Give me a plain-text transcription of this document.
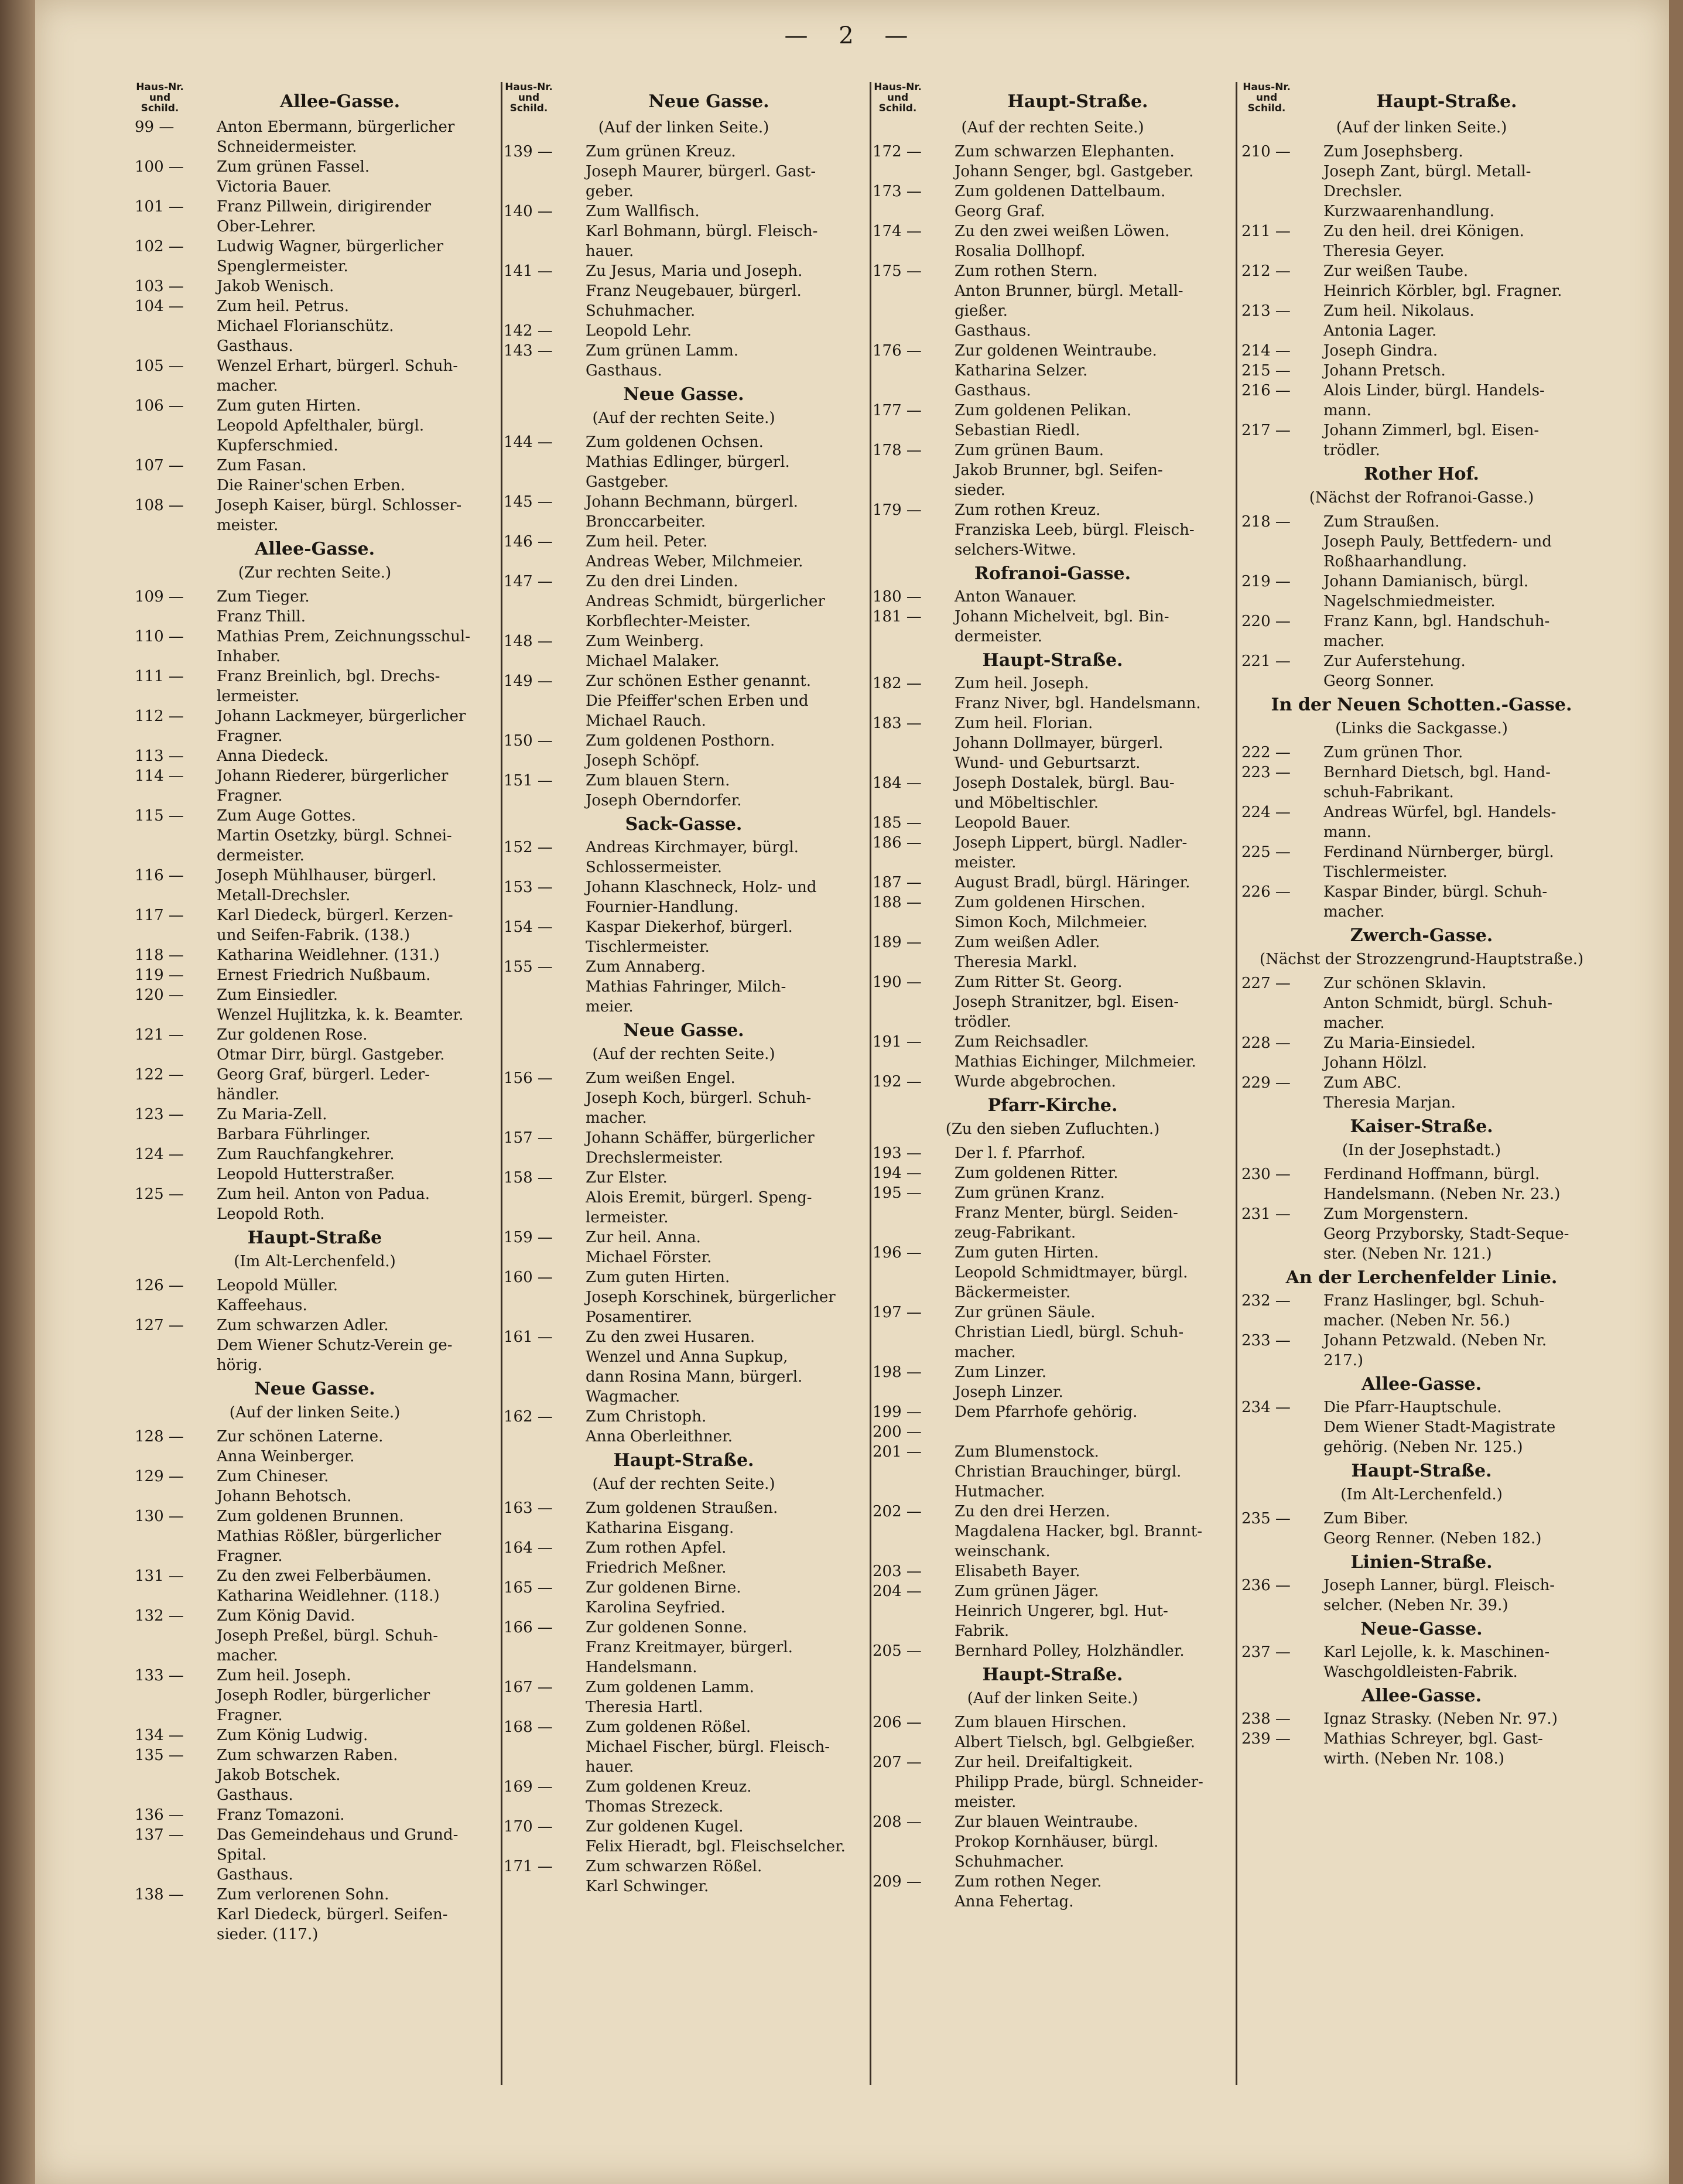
— 2 —
Haus-Nr.
und
Schild.	Allee-Gasse.
99 —	Anton Ebermann, bürgerlicher
Schneidermeister.
100 —	Zum grünen Fassel.
Victoria Bauer.
101 —	Franz Pillwein, dirigirender
Ober-Lehrer.
102 —	Ludwig Wagner, bürgerlicher
Spenglermeister.
103 —	Jakob Wenisch.
104 —	Zum heil. Petrus.
Michael Florianschütz.
Gasthaus.
105 —	Wenzel Erhart, bürgerl. Schuh-
macher.
106 —	Zum guten Hirten.
Leopold Apfelthaler, bürgl.
Kupferschmied.
107 —	Zum Fasan.
Die Rainer'schen Erben.
108 —	Joseph Kaiser, bürgl. Schlosser-
meister.
Allee-Gasse.
(Zur rechten Seite.)
109 —	Zum Tieger.
Franz Thill.
110 —	Mathias Prem, Zeichnungsschul-
Inhaber.
111 —	Franz Breinlich, bgl. Drechs-
lermeister.
112 —	Johann Lackmeyer, bürgerlicher
Fragner.
113 —	Anna Diedeck.
114 —	Johann Riederer, bürgerlicher
Fragner.
115 —	Zum Auge Gottes.
Martin Osetzky, bürgl. Schnei-
dermeister.
116 —	Joseph Mühlhauser, bürgerl.
Metall-Drechsler.
117 —	Karl Diedeck, bürgerl. Kerzen-
und Seifen-Fabrik. (138.)
118 —	Katharina Weidlehner. (131.)
119 —	Ernest Friedrich Nußbaum.
120 —	Zum Einsiedler.
Wenzel Hujlitzka, k. k. Beamter.
121 —	Zur goldenen Rose.
Otmar Dirr, bürgl. Gastgeber.
122 —	Georg Graf, bürgerl. Leder-
händler.
123 —	Zu Maria-Zell.
Barbara Führlinger.
124 —	Zum Rauchfangkehrer.
Leopold Hutterstraßer.
125 —	Zum heil. Anton von Padua.
Leopold Roth.
Haupt-Straße
(Im Alt-Lerchenfeld.)
126 —	Leopold Müller.
Kaffeehaus.
127 —	Zum schwarzen Adler.
Dem Wiener Schutz-Verein ge-
hörig.
Neue Gasse.
(Auf der linken Seite.)
128 —	Zur schönen Laterne.
Anna Weinberger.
129 —	Zum Chineser.
Johann Behotsch.
130 —	Zum goldenen Brunnen.
Mathias Rößler, bürgerlicher
Fragner.
131 —	Zu den zwei Felberbäumen.
Katharina Weidlehner. (118.)
132 —	Zum König David.
Joseph Preßel, bürgl. Schuh-
macher.
133 —	Zum heil. Joseph.
Joseph Rodler, bürgerlicher
Fragner.
134 —	Zum König Ludwig.
135 —	Zum schwarzen Raben.
Jakob Botschek.
Gasthaus.
136 —	Franz Tomazoni.
137 —	Das Gemeindehaus und Grund-
Spital.
Gasthaus.
138 —	Zum verlorenen Sohn.
Karl Diedeck, bürgerl. Seifen-
sieder. (117.)
Haus-Nr.
und
Schild.	Neue Gasse.
(Auf der linken Seite.)
139 —	Zum grünen Kreuz.
Joseph Maurer, bürgerl. Gast-
geber.
140 —	Zum Wallfisch.
Karl Bohmann, bürgl. Fleisch-
hauer.
141 —	Zu Jesus, Maria und Joseph.
Franz Neugebauer, bürgerl.
Schuhmacher.
142 —	Leopold Lehr.
143 —	Zum grünen Lamm.
Gasthaus.
Neue Gasse.
(Auf der rechten Seite.)
144 —	Zum goldenen Ochsen.
Mathias Edlinger, bürgerl.
Gastgeber.
145 —	Johann Bechmann, bürgerl.
Bronccarbeiter.
146 —	Zum heil. Peter.
Andreas Weber, Milchmeier.
147 —	Zu den drei Linden.
Andreas Schmidt, bürgerlicher
Korbflechter-Meister.
148 —	Zum Weinberg.
Michael Malaker.
149 —	Zur schönen Esther genannt.
Die Pfeiffer'schen Erben und
Michael Rauch.
150 —	Zum goldenen Posthorn.
Joseph Schöpf.
151 —	Zum blauen Stern.
Joseph Oberndorfer.
Sack-Gasse.
152 —	Andreas Kirchmayer, bürgl.
Schlossermeister.
153 —	Johann Klaschneck, Holz- und
Fournier-Handlung.
154 —	Kaspar Diekerhof, bürgerl.
Tischlermeister.
155 —	Zum Annaberg.
Mathias Fahringer, Milch-
meier.
Neue Gasse.
(Auf der rechten Seite.)
156 —	Zum weißen Engel.
Joseph Koch, bürgerl. Schuh-
macher.
157 —	Johann Schäffer, bürgerlicher
Drechslermeister.
158 —	Zur Elster.
Alois Eremit, bürgerl. Speng-
lermeister.
159 —	Zur heil. Anna.
Michael Förster.
160 —	Zum guten Hirten.
Joseph Korschinek, bürgerlicher
Posamentirer.
161 —	Zu den zwei Husaren.
Wenzel und Anna Supkup,
dann Rosina Mann, bürgerl.
Wagmacher.
162 —	Zum Christoph.
Anna Oberleithner.
Haupt-Straße.
(Auf der rechten Seite.)
163 —	Zum goldenen Straußen.
Katharina Eisgang.
164 —	Zum rothen Apfel.
Friedrich Meßner.
165 —	Zur goldenen Birne.
Karolina Seyfried.
166 —	Zur goldenen Sonne.
Franz Kreitmayer, bürgerl.
Handelsmann.
167 —	Zum goldenen Lamm.
Theresia Hartl.
168 —	Zum goldenen Rößel.
Michael Fischer, bürgl. Fleisch-
hauer.
169 —	Zum goldenen Kreuz.
Thomas Strezeck.
170 —	Zur goldenen Kugel.
Felix Hieradt, bgl. Fleischselcher.
171 —	Zum schwarzen Rößel.
Karl Schwinger.
Haus-Nr.
und
Schild.	Haupt-Straße.
(Auf der rechten Seite.)
172 —	Zum schwarzen Elephanten.
Johann Senger, bgl. Gastgeber.
173 —	Zum goldenen Dattelbaum.
Georg Graf.
174 —	Zu den zwei weißen Löwen.
Rosalia Dollhopf.
175 —	Zum rothen Stern.
Anton Brunner, bürgl. Metall-
gießer.
Gasthaus.
176 —	Zur goldenen Weintraube.
Katharina Selzer.
Gasthaus.
177 —	Zum goldenen Pelikan.
Sebastian Riedl.
178 —	Zum grünen Baum.
Jakob Brunner, bgl. Seifen-
sieder.
179 —	Zum rothen Kreuz.
Franziska Leeb, bürgl. Fleisch-
selchers-Witwe.
Rofranoi-Gasse.
180 —	Anton Wanauer.
181 —	Johann Michelveit, bgl. Bin-
dermeister.
Haupt-Straße.
182 —	Zum heil. Joseph.
Franz Niver, bgl. Handelsmann.
183 —	Zum heil. Florian.
Johann Dollmayer, bürgerl.
Wund- und Geburtsarzt.
184 —	Joseph Dostalek, bürgl. Bau-
und Möbeltischler.
185 —	Leopold Bauer.
186 —	Joseph Lippert, bürgl. Nadler-
meister.
187 —	August Bradl, bürgl. Häringer.
188 —	Zum goldenen Hirschen.
Simon Koch, Milchmeier.
189 —	Zum weißen Adler.
Theresia Markl.
190 —	Zum Ritter St. Georg.
Joseph Stranitzer, bgl. Eisen-
trödler.
191 —	Zum Reichsadler.
Mathias Eichinger, Milchmeier.
192 —	Wurde abgebrochen.
Pfarr-Kirche.
(Zu den sieben Zufluchten.)
193 —	Der l. f. Pfarrhof.
194 —	Zum goldenen Ritter.
195 —	Zum grünen Kranz.
Franz Menter, bürgl. Seiden-
zeug-Fabrikant.
196 —	Zum guten Hirten.
Leopold Schmidtmayer, bürgl.
Bäckermeister.
197 —	Zur grünen Säule.
Christian Liedl, bürgl. Schuh-
macher.
198 —	Zum Linzer.
Joseph Linzer.
199 —	Dem Pfarrhofe gehörig.
200 —
201 —	Zum Blumenstock.
Christian Brauchinger, bürgl.
Hutmacher.
202 —	Zu den drei Herzen.
Magdalena Hacker, bgl. Brannt-
weinschank.
203 —	Elisabeth Bayer.
204 —	Zum grünen Jäger.
Heinrich Ungerer, bgl. Hut-
Fabrik.
205 —	Bernhard Polley, Holzhändler.
Haupt-Straße.
(Auf der linken Seite.)
206 —	Zum blauen Hirschen.
Albert Tielsch, bgl. Gelbgießer.
207 —	Zur heil. Dreifaltigkeit.
Philipp Prade, bürgl. Schneider-
meister.
208 —	Zur blauen Weintraube.
Prokop Kornhäuser, bürgl.
Schuhmacher.
209 —	Zum rothen Neger.
Anna Fehertag.
Haus-Nr.
und
Schild.	Haupt-Straße.
(Auf der linken Seite.)
210 —	Zum Josephsberg.
Joseph Zant, bürgl. Metall-
Drechsler.
Kurzwaarenhandlung.
211 —	Zu den heil. drei Königen.
Theresia Geyer.
212 —	Zur weißen Taube.
Heinrich Körbler, bgl. Fragner.
213 —	Zum heil. Nikolaus.
Antonia Lager.
214 —	Joseph Gindra.
215 —	Johann Pretsch.
216 —	Alois Linder, bürgl. Handels-
mann.
217 —	Johann Zimmerl, bgl. Eisen-
trödler.
Rother Hof.
(Nächst der Rofranoi-Gasse.)
218 —	Zum Straußen.
Joseph Pauly, Bettfedern- und
Roßhaarhandlung.
219 —	Johann Damianisch, bürgl.
Nagelschmiedmeister.
220 —	Franz Kann, bgl. Handschuh-
macher.
221 —	Zur Auferstehung.
Georg Sonner.
In der Neuen Schotten.-Gasse.
(Links die Sackgasse.)
222 —	Zum grünen Thor.
223 —	Bernhard Dietsch, bgl. Hand-
schuh-Fabrikant.
224 —	Andreas Würfel, bgl. Handels-
mann.
225 —	Ferdinand Nürnberger, bürgl.
Tischlermeister.
226 —	Kaspar Binder, bürgl. Schuh-
macher.
Zwerch-Gasse.
(Nächst der Strozzengrund-Hauptstraße.)
227 —	Zur schönen Sklavin.
Anton Schmidt, bürgl. Schuh-
macher.
228 —	Zu Maria-Einsiedel.
Johann Hölzl.
229 —	Zum ABC.
Theresia Marjan.
Kaiser-Straße.
(In der Josephstadt.)
230 —	Ferdinand Hoffmann, bürgl.
Handelsmann. (Neben Nr. 23.)
231 —	Zum Morgenstern.
Georg Przyborsky, Stadt-Seque-
ster. (Neben Nr. 121.)
An der Lerchenfelder Linie.
232 —	Franz Haslinger, bgl. Schuh-
macher. (Neben Nr. 56.)
233 —	Johann Petzwald. (Neben Nr.
217.)
Allee-Gasse.
234 —	Die Pfarr-Hauptschule.
Dem Wiener Stadt-Magistrate
gehörig. (Neben Nr. 125.)
Haupt-Straße.
(Im Alt-Lerchenfeld.)
235 —	Zum Biber.
Georg Renner. (Neben 182.)
Linien-Straße.
236 —	Joseph Lanner, bürgl. Fleisch-
selcher. (Neben Nr. 39.)
Neue-Gasse.
237 —	Karl Lejolle, k. k. Maschinen-
Waschgoldleisten-Fabrik.
Allee-Gasse.
238 —	Ignaz Strasky. (Neben Nr. 97.)
239 —	Mathias Schreyer, bgl. Gast-
wirth. (Neben Nr. 108.)
